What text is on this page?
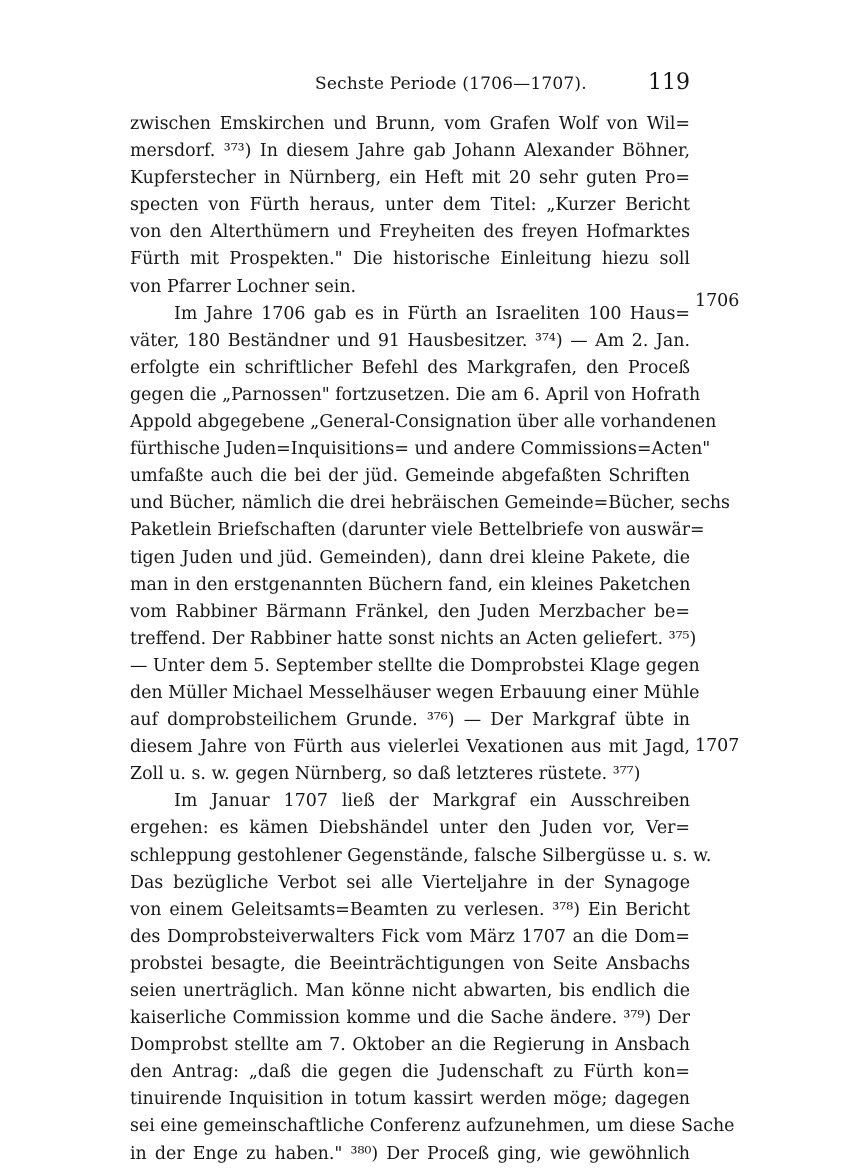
Sechste Periode (1706—1707).	119
zwischen Emskirchen und Brunn, vom Grafen Wolf von Wil=
mersdorf. ³⁷³) In diesem Jahre gab Johann Alexander Böhner,
Kupferstecher in Nürnberg, ein Heft mit 20 sehr guten Pro=
specten von Fürth heraus, unter dem Titel: „Kurzer Bericht
von den Alterthümern und Freyheiten des freyen Hofmarktes
Fürth mit Prospekten." Die historische Einleitung hiezu soll
von Pfarrer Lochner sein.
Im Jahre 1706 gab es in Fürth an Israeliten 100 Haus=
väter, 180 Beständner und 91 Hausbesitzer. ³⁷⁴) — Am 2. Jan.
erfolgte ein schriftlicher Befehl des Markgrafen, den Proceß
gegen die „Parnossen" fortzusetzen. Die am 6. April von Hofrath
Appold abgegebene „General-Consignation über alle vorhandenen
fürthische Juden=Inquisitions= und andere Commissions=Acten"
umfaßte auch die bei der jüd. Gemeinde abgefaßten Schriften
und Bücher, nämlich die drei hebräischen Gemeinde=Bücher, sechs
Paketlein Briefschaften (darunter viele Bettelbriefe von auswär=
tigen Juden und jüd. Gemeinden), dann drei kleine Pakete, die
man in den erstgenannten Büchern fand, ein kleines Paketchen
vom Rabbiner Bärmann Fränkel, den Juden Merzbacher be=
treffend. Der Rabbiner hatte sonst nichts an Acten geliefert. ³⁷⁵)
— Unter dem 5. September stellte die Domprobstei Klage gegen
den Müller Michael Messelhäuser wegen Erbauung einer Mühle
auf domprobsteilichem Grunde. ³⁷⁶) — Der Markgraf übte in
diesem Jahre von Fürth aus vielerlei Vexationen aus mit Jagd,
Zoll u. s. w. gegen Nürnberg, so daß letzteres rüstete. ³⁷⁷)
Im Januar 1707 ließ der Markgraf ein Ausschreiben
ergehen: es kämen Diebshändel unter den Juden vor, Ver=
schleppung gestohlener Gegenstände, falsche Silbergüsse u. s. w.
Das bezügliche Verbot sei alle Vierteljahre in der Synagoge
von einem Geleitsamts=Beamten zu verlesen. ³⁷⁸) Ein Bericht
des Domprobsteiverwalters Fick vom März 1707 an die Dom=
probstei besagte, die Beeinträchtigungen von Seite Ansbachs
seien unerträglich. Man könne nicht abwarten, bis endlich die
kaiserliche Commission komme und die Sache ändere. ³⁷⁹) Der
Domprobst stellte am 7. Oktober an die Regierung in Ansbach
den Antrag: „daß die gegen die Judenschaft zu Fürth kon=
tinuirende Inquisition in totum kassirt werden möge; dagegen
sei eine gemeinschaftliche Conferenz aufzunehmen, um diese Sache
in der Enge zu haben." ³⁸⁰) Der Proceß ging, wie gewöhnlich
1706
1707
